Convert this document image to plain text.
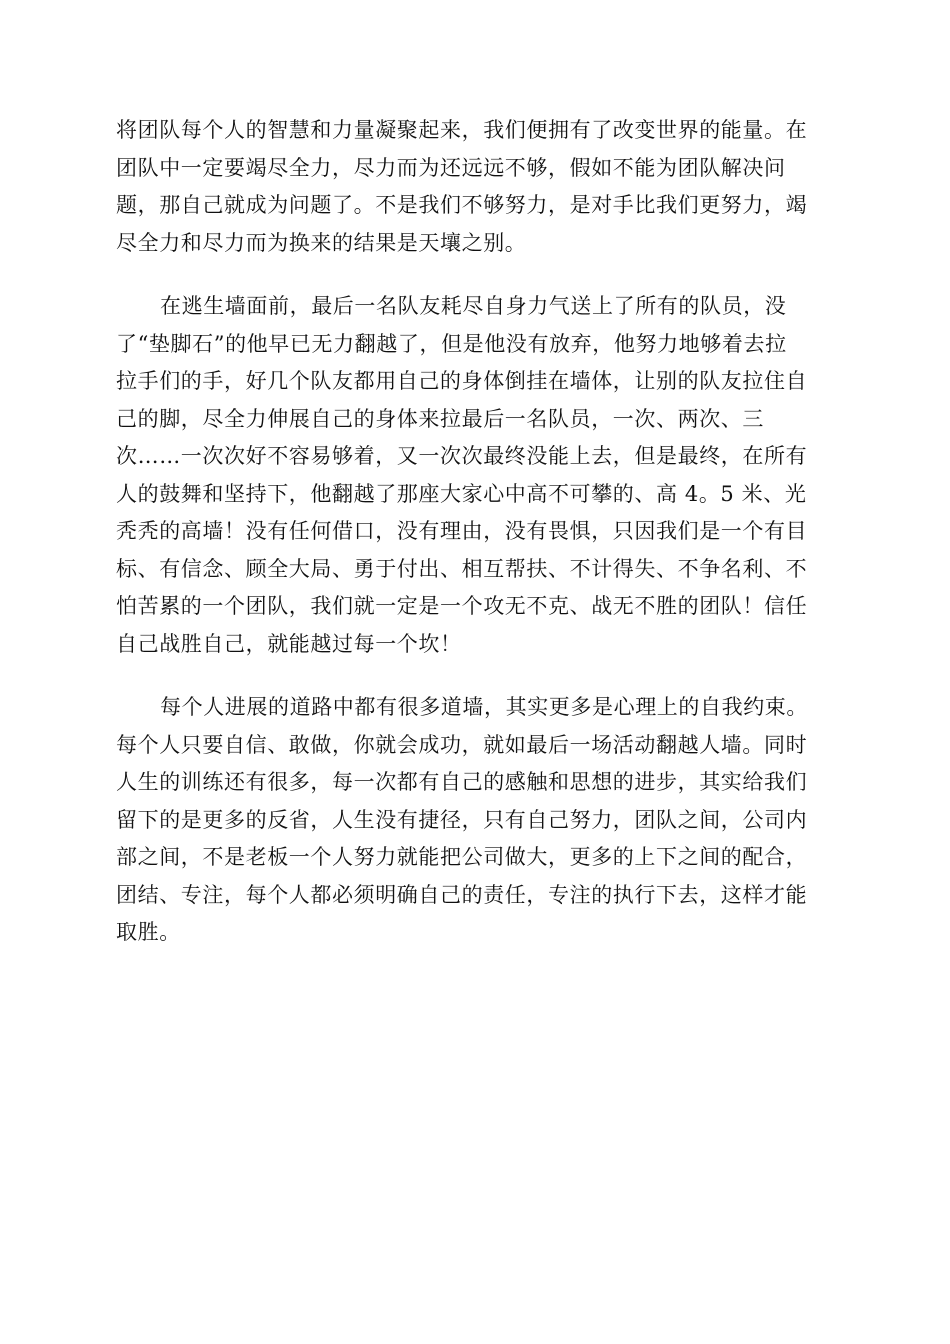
将团队每个人的智慧和力量凝聚起来，我们便拥有了改变世界的能量。在
团队中一定要竭尽全力，尽力而为还远远不够，假如不能为团队解决问
题，那自己就成为问题了。不是我们不够努力，是对手比我们更努力，竭
尽全力和尽力而为换来的结果是天壤之别。

在逃生墙面前，最后一名队友耗尽自身力气送上了所有的队员，没
了“垫脚石”的他早已无力翻越了，但是他没有放弃，他努力地够着去拉
拉手们的手，好几个队友都用自己的身体倒挂在墙体，让别的队友拉住自
己的脚，尽全力伸展自己的身体来拉最后一名队员，一次、两次、三
次……一次次好不容易够着，又一次次最终没能上去，但是最终，在所有
人的鼓舞和坚持下，他翻越了那座大家心中高不可攀的、高 4。5 米、光
秃秃的高墙！没有任何借口，没有理由，没有畏惧，只因我们是一个有目
标、有信念、顾全大局、勇于付出、相互帮扶、不计得失、不争名利、不
怕苦累的一个团队，我们就一定是一个攻无不克、战无不胜的团队！信任
自己战胜自己，就能越过每一个坎！

每个人进展的道路中都有很多道墙，其实更多是心理上的自我约束。
每个人只要自信、敢做，你就会成功，就如最后一场活动翻越人墙。同时
人生的训练还有很多，每一次都有自己的感触和思想的进步，其实给我们
留下的是更多的反省，人生没有捷径，只有自己努力，团队之间，公司内
部之间，不是老板一个人努力就能把公司做大，更多的上下之间的配合，
团结、专注，每个人都必须明确自己的责任，专注的执行下去，这样才能
取胜。
